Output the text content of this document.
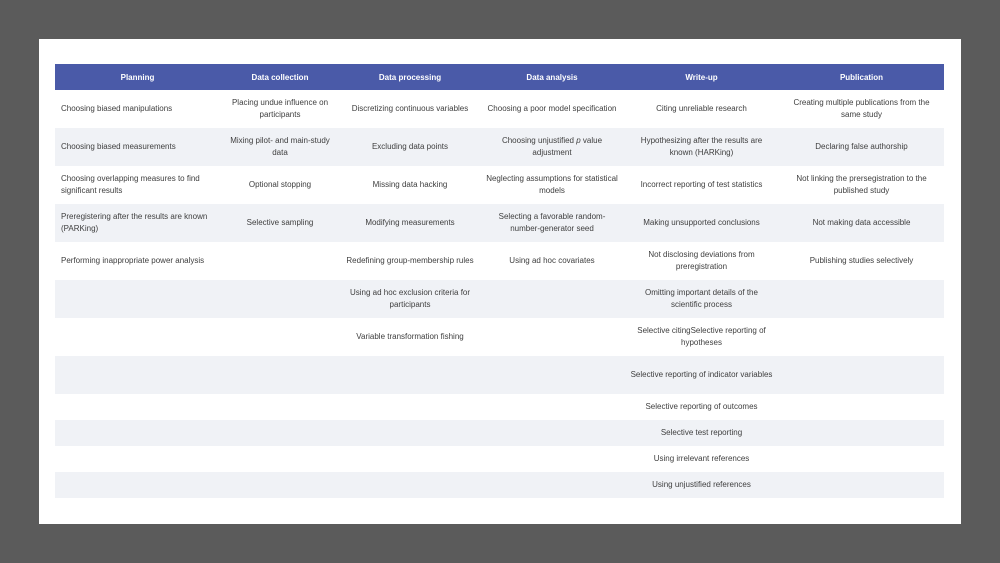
Planning	Data collection	Data processing	Data analysis	Write-up	Publication
Choosing biased manipulations	Placing undue influence on participants	Discretizing continuous variables	Choosing a poor model specification	Citing unreliable research	Creating multiple publications from the same study
Choosing biased measurements	Mixing pilot- and main-study data	Excluding data points	Choosing unjustified p value adjustment	Hypothesizing after the results are known (HARKing)	Declaring false authorship
Choosing overlapping measures to find significant results	Optional stopping	Missing data hacking	Neglecting assumptions for statistical models	Incorrect reporting of test statistics	Not linking the prersegistration to the published study
Preregistering after the results are known (PARKing)	Selective sampling	Modifying measurements	Selecting a favorable random-number-generator seed	Making unsupported conclusions	Not making data accessible
Performing inappropriate power analysis		Redefining group-membership rules	Using ad hoc covariates	Not disclosing deviations from preregistration	Publishing studies selectively
		Using ad hoc exclusion criteria for participants		Omitting important details of the scientific process	
		Variable transformation fishing		Selective citingSelective reporting of hypotheses	
				Selective reporting of indicator variables	
				Selective reporting of outcomes	
				Selective test reporting	
				Using irrelevant references	
				Using unjustified references	
